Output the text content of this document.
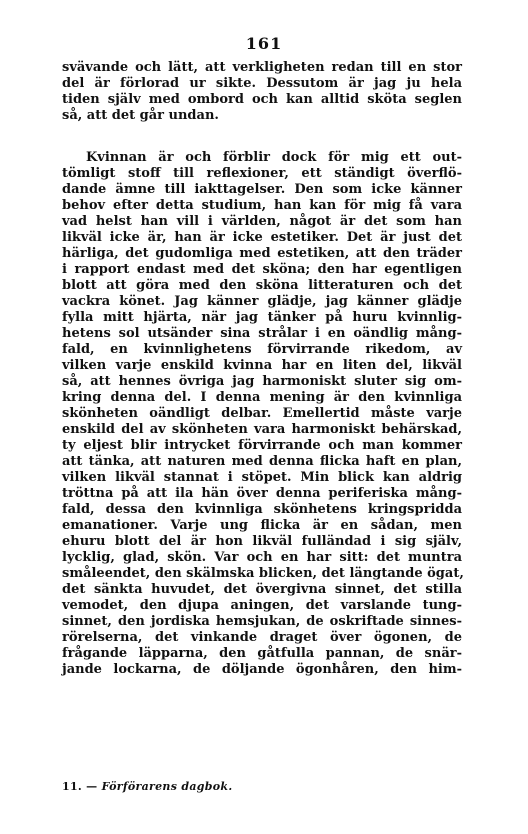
161
svävande och lätt, att verkligheten redan till en stor
del är förlorad ur sikte. Dessutom är jag ju hela
tiden själv med ombord och kan alltid sköta seglen
så, att det går undan.
Kvinnan är och förblir dock för mig ett out-
tömligt stoff till reflexioner, ett ständigt överflö-
dande ämne till iakttagelser. Den som icke känner
behov efter detta studium, han kan för mig få vara
vad helst han vill i världen, något är det som han
likväl icke är, han är icke estetiker. Det är just det
härliga, det gudomliga med estetiken, att den träder
i rapport endast med det sköna; den har egentligen
blott att göra med den sköna litteraturen och det
vackra könet. Jag känner glädje, jag känner glädje
fylla mitt hjärta, när jag tänker på huru kvinnlig-
hetens sol utsänder sina strålar i en oändlig mång-
fald, en kvinnlighetens förvirrande rikedom, av
vilken varje enskild kvinna har en liten del, likväl
så, att hennes övriga jag harmoniskt sluter sig om-
kring denna del. I denna mening är den kvinnliga
skönheten oändligt delbar. Emellertid måste varje
enskild del av skönheten vara harmoniskt behärskad,
ty eljest blir intrycket förvirrande och man kommer
att tänka, att naturen med denna flicka haft en plan,
vilken likväl stannat i stöpet. Min blick kan aldrig
tröttna på att ila hän över denna periferiska mång-
fald, dessa den kvinnliga skönhetens kringspridda
emanationer. Varje ung flicka är en sådan, men
ehuru blott del är hon likväl fulländad i sig själv,
lycklig, glad, skön. Var och en har sitt: det muntra
småleendet, den skälmska blicken, det längtande ögat,
det sänkta huvudet, det övergivna sinnet, det stilla
vemodet, den djupa aningen, det varslande tung-
sinnet, den jordiska hemsjukan, de oskriftade sinnes-
rörelserna, det vinkande draget över ögonen, de
frågande läpparna, den gåtfulla pannan, de snär-
jande lockarna, de döljande ögonhåren, den him-
11. — Förförarens dagbok.
